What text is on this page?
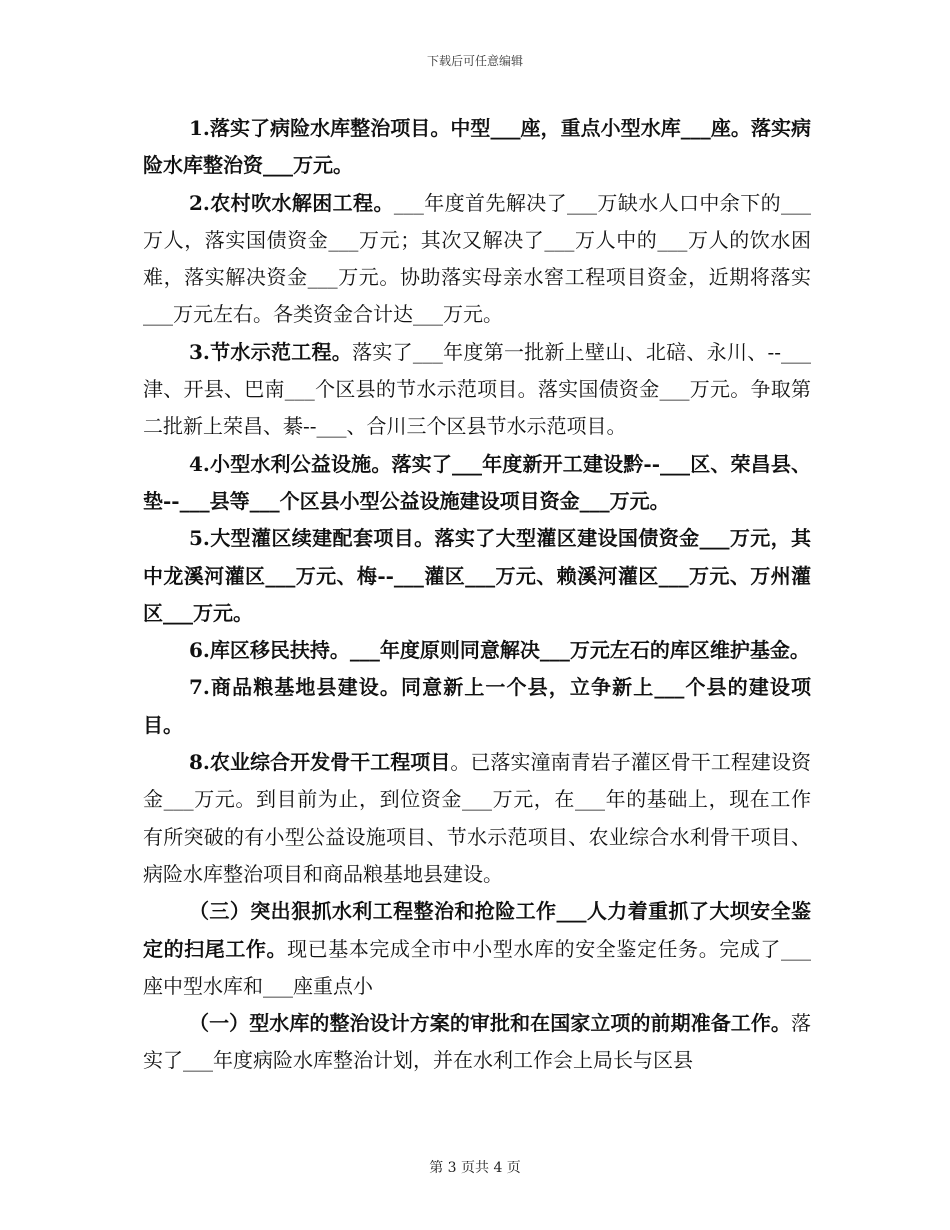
下载后可任意编辑

1.落实了病险水库整治项目。中型___座，重点小型水库___座。落实病险水库整治资___万元。

2.农村吹水解困工程。___年度首先解决了___万缺水人口中余下的___万人，落实国债资金___万元；其次又解决了___万人中的___万人的饮水困难，落实解决资金___万元。协助落实母亲水窖工程项目资金，近期将落实___万元左右。各类资金合计达___万元。

3.节水示范工程。落实了___年度第一批新上壁山、北碚、永川、--___津、开县、巴南___个区县的节水示范项目。落实国债资金___万元。争取第二批新上荣昌、綦--___、合川三个区县节水示范项目。

4.小型水利公益设施。落实了___年度新开工建设黔--___区、荣昌县、垫--___县等___个区县小型公益设施建设项目资金___万元。

5.大型灌区续建配套项目。落实了大型灌区建设国债资金___万元，其中龙溪河灌区___万元、梅--___灌区___万元、赖溪河灌区___万元、万州灌区___万元。

6.库区移民扶持。___年度原则同意解决___万元左石的库区维护基金。

7.商品粮基地县建设。同意新上一个县，立争新上___个县的建设项目。

8.农业综合开发骨干工程项目。已落实潼南青岩子灌区骨干工程建设资金___万元。到目前为止，到位资金___万元，在___年的基础上，现在工作有所突破的有小型公益设施项目、节水示范项目、农业综合水利骨干项目、病险水库整治项目和商品粮基地县建设。

（三）突出狠抓水利工程整治和抢险工作___人力着重抓了大坝安全鉴定的扫尾工作。现已基本完成全市中小型水库的安全鉴定任务。完成了___座中型水库和___座重点小

（一）型水库的整治设计方案的审批和在国家立项的前期准备工作。落实了___年度病险水库整治计划，并在水利工作会上局长与区县

第 3 页共 4 页
